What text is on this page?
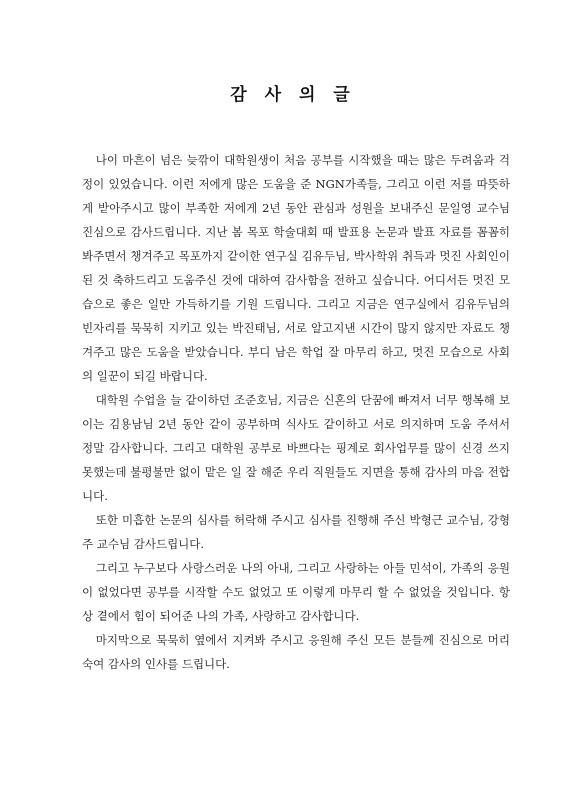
감 사 의 글

나이 마흔이 넘은 늦깎이 대학원생이 처음 공부를 시작했을 때는 많은 두려움과 걱정이 있었습니다. 이런 저에게 많은 도움을 준 NGN가족들, 그리고 이런 저를 따뜻하게 받아주시고 많이 부족한 저에게 2년 동안 관심과 성원을 보내주신 문일영 교수님 진심으로 감사드립니다. 지난 봄 목포 학술대회 때 발표용 논문과 발표 자료를 꼼꼼히 봐주면서 챙겨주고 목포까지 같이한 연구실 김유두님, 박사학위 취득과 멋진 사회인이 된 것 축하드리고 도움주신 것에 대하여 감사함을 전하고 싶습니다. 어디서든 멋진 모습으로 좋은 일만 가득하기를 기원 드립니다. 그리고 지금은 연구실에서 김유두님의 빈자리를 묵묵히 지키고 있는 박진태님, 서로 알고지낸 시간이 많지 않지만 자료도 챙겨주고 많은 도움을 받았습니다. 부디 남은 학업 잘 마무리 하고, 멋진 모습으로 사회의 일꾼이 되길 바랍니다.

대학원 수업을 늘 같이하던 조준호님, 지금은 신혼의 단꿈에 빠져서 너무 행복해 보이는 김용남님 2년 동안 같이 공부하며 식사도 같이하고 서로 의지하며 도움 주셔서 정말 감사합니다. 그리고 대학원 공부로 바쁘다는 핑계로 회사업무를 많이 신경 쓰지 못했는데 불평불만 없이 맡은 일 잘 해준 우리 직원들도 지면을 통해 감사의 마음 전합니다.

또한 미흡한 논문의 심사를 허락해 주시고 심사를 진행해 주신 박형근 교수님, 강형주 교수님 감사드립니다.

그리고 누구보다 사랑스러운 나의 아내, 그리고 사랑하는 아들 민석이, 가족의 응원이 없었다면 공부를 시작할 수도 없었고 또 이렇게 마무리 할 수 없었을 것입니다. 항상 곁에서 힘이 되어준 나의 가족, 사랑하고 감사합니다.

마지막으로 묵묵히 옆에서 지켜봐 주시고 응원해 주신 모든 분들께 진심으로 머리 숙여 감사의 인사를 드립니다.
